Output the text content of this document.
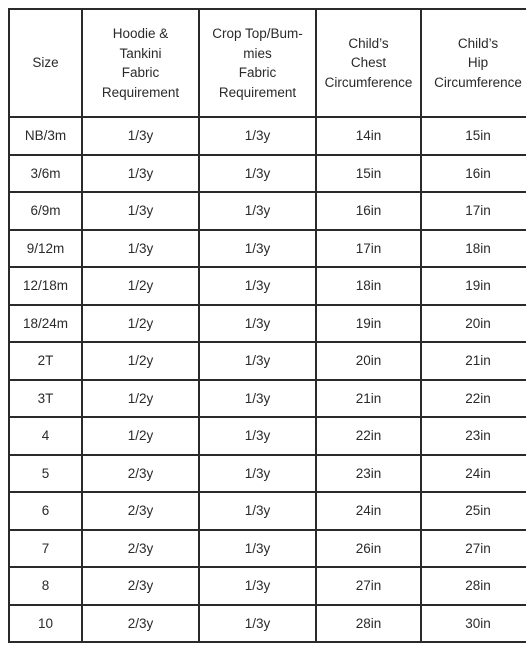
Size	Hoodie &
Tankini
Fabric
Requirement	Crop Top/Bum-
mies
Fabric
Requirement	Child’s
Chest
Circumference	Child’s
Hip
Circumference
NB/3m	1/3y	1/3y	14in	15in
3/6m	1/3y	1/3y	15in	16in
6/9m	1/3y	1/3y	16in	17in
9/12m	1/3y	1/3y	17in	18in
12/18m	1/2y	1/3y	18in	19in
18/24m	1/2y	1/3y	19in	20in
2T	1/2y	1/3y	20in	21in
3T	1/2y	1/3y	21in	22in
4	1/2y	1/3y	22in	23in
5	2/3y	1/3y	23in	24in
6	2/3y	1/3y	24in	25in
7	2/3y	1/3y	26in	27in
8	2/3y	1/3y	27in	28in
10	2/3y	1/3y	28in	30in
